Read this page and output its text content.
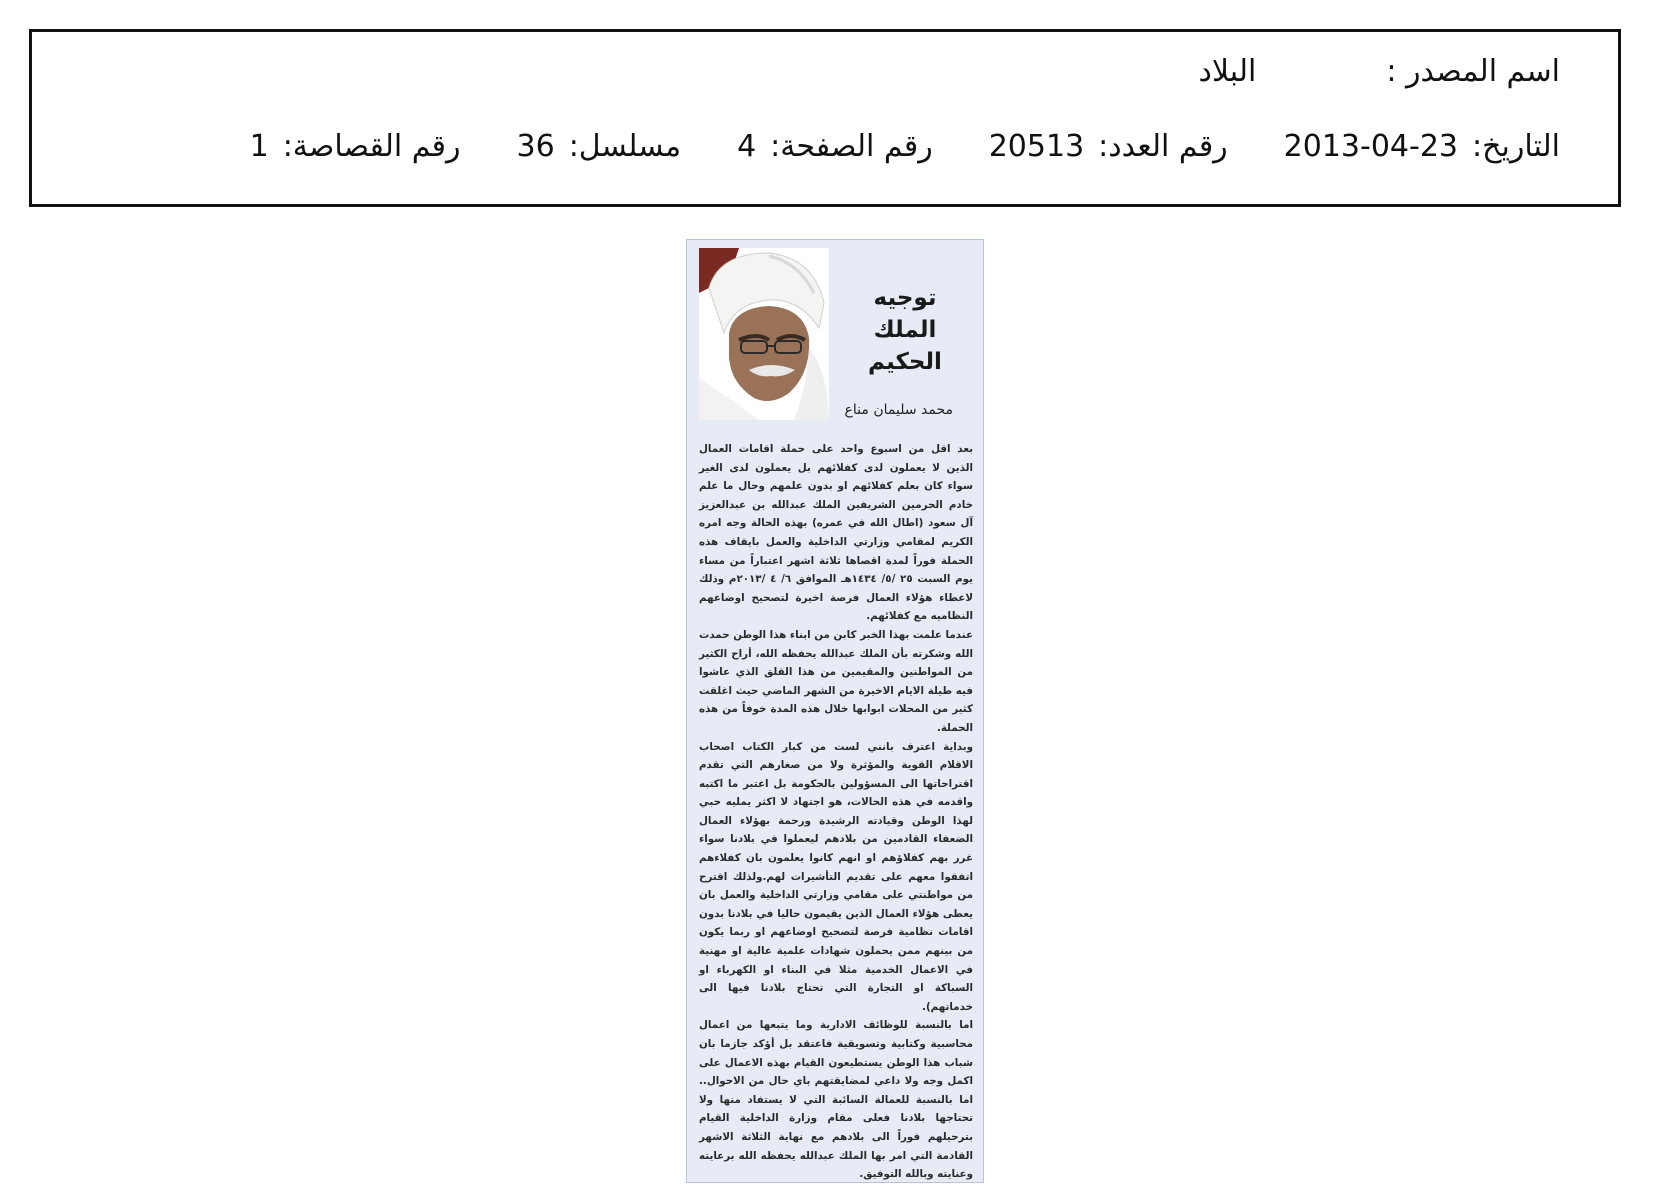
اسم المصدر :
البلاد
التاريخ:
2013-04-23
رقم العدد:
20513
رقم الصفحة:
4
مسلسل:
36
رقم القصاصة:
1
توجيه الملك
الحكيم
محمد سليمان مناع

بعد اقل من اسبوع واحد على حملة اقامات العمال الذين لا يعملون لدى كفلائهم بل يعملون لدى الغير سواء كان بعلم كفلائهم او بدون علمهم وحال ما علم خادم الحرمين الشريفين الملك عبدالله بن عبدالعزيز آل سعود (اطال الله في عمره) بهذه الحالة وجه امره الكريم لمقامي وزارتي الداخلية والعمل بايقاف هذه الحملة فوراً لمدة اقصاها ثلاثة اشهر اعتباراً من مساء يوم السبت ٢٥ /٥/ ١٤٣٤هـ الموافق ٦/ ٤ /٢٠١٣م وذلك لاعطاء هؤلاء العمال فرصة اخيرة لتصحيح اوضاعهم النظاميه مع كفلائهم.

عندما علمت بهذا الخبر كابن من ابناء هذا الوطن حمدت الله وشكرته بأن الملك عبدالله يحفظه الله، أراح الكثير من المواطنين والمقيمين من هذا القلق الذي عاشوا فيه طيلة الايام الاخيرة من الشهر الماضي حيث اغلقت كثير من المحلات ابوابها خلال هذه المدة خوفاً من هذه الحملة.

وبداية اعترف بانني لست من كبار الكتاب اصحاب الاقلام القوية والمؤثرة ولا من صغارهم التي تقدم اقتراحاتها الى المسؤولين بالحكومة بل اعتبر ما اكتبه واقدمه في هذه الحالات، هو اجتهاد لا اكثر يمليه حبي لهذا الوطن وقيادته الرشيدة ورحمة بهؤلاء العمال الضعفاء القادمين من بلادهم ليعملوا في بلادنا سواء غرر بهم كفلاؤهم او انهم كانوا يعلمون بان كفلاءهم اتفقوا معهم على تقديم التأشيرات لهم.ولذلك اقترح من مواطنتي على مقامي وزارتي الداخلية والعمل بان يعطى هؤلاء العمال الذين يقيمون حاليا في بلادنا بدون اقامات نظامية فرصة لتصحيح اوضاعهم او ربما يكون من بينهم ممن يحملون شهادات علمية عالية او مهنية في الاعمال الخدمية مثلا في البناء او الكهرباء او السباكة او التجارة التي تحتاج بلادنا فيها الى خدماتهم).

اما بالنسبة للوظائف الادارية وما يتبعها من اعمال محاسبية وكتابية وتسويقية فاعتقد بل أؤكد جازما بان شباب هذا الوطن يستطيعون القيام بهذه الاعمال على اكمل وجه ولا داعي لمضايقتهم باي حال من الاحوال.. اما بالنسبة للعمالة السائبة التي لا يستفاد منها ولا تحتاجها بلادنا فعلى مقام وزارة الداخلية القيام بترحيلهم فوراً الى بلادهم مع نهاية الثلاثة الاشهر القادمة التي امر بها الملك عبدالله يحفظه الله برعايته وعنايته وبالله التوفيق.
